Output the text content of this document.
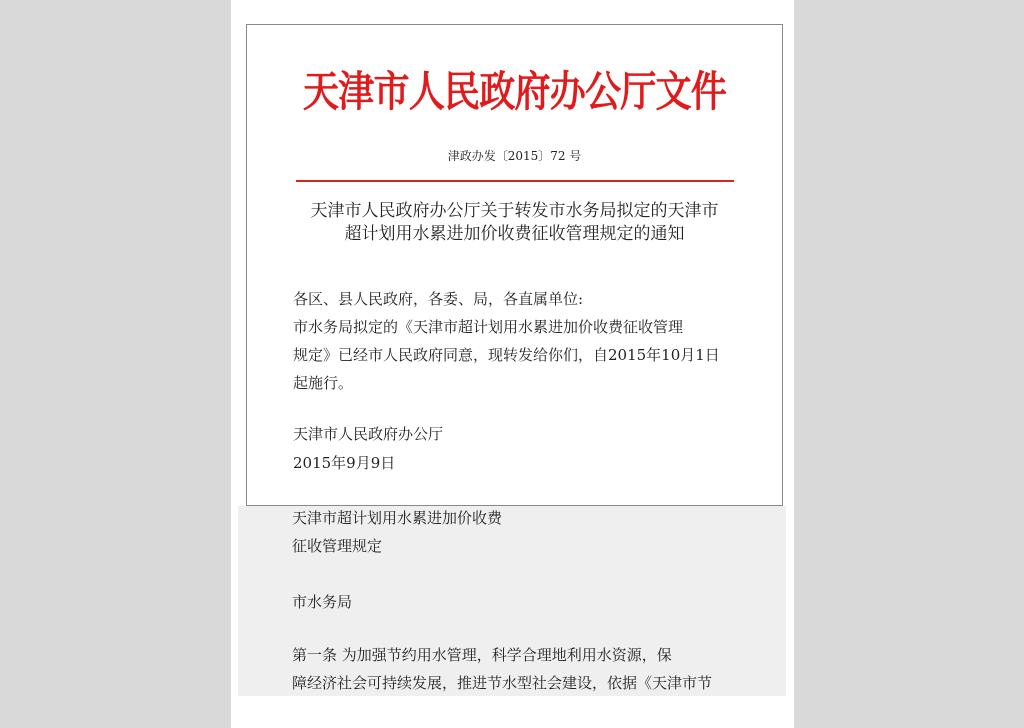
天津市人民政府办公厅文件
津政办发〔2015〕72 号
天津市人民政府办公厅关于转发市水务局拟定的天津市
超计划用水累进加价收费征收管理规定的通知
各区、县人民政府，各委、局，各直属单位:
市水务局拟定的《天津市超计划用水累进加价收费征收管理
规定》已经市人民政府同意，现转发给你们，自2015年10月1日
起施行。
天津市人民政府办公厅
2015年9月9日
天津市超计划用水累进加价收费
征收管理规定
市水务局
第一条 为加强节约用水管理，科学合理地利用水资源，保
障经济社会可持续发展，推进节水型社会建设，依据《天津市节
